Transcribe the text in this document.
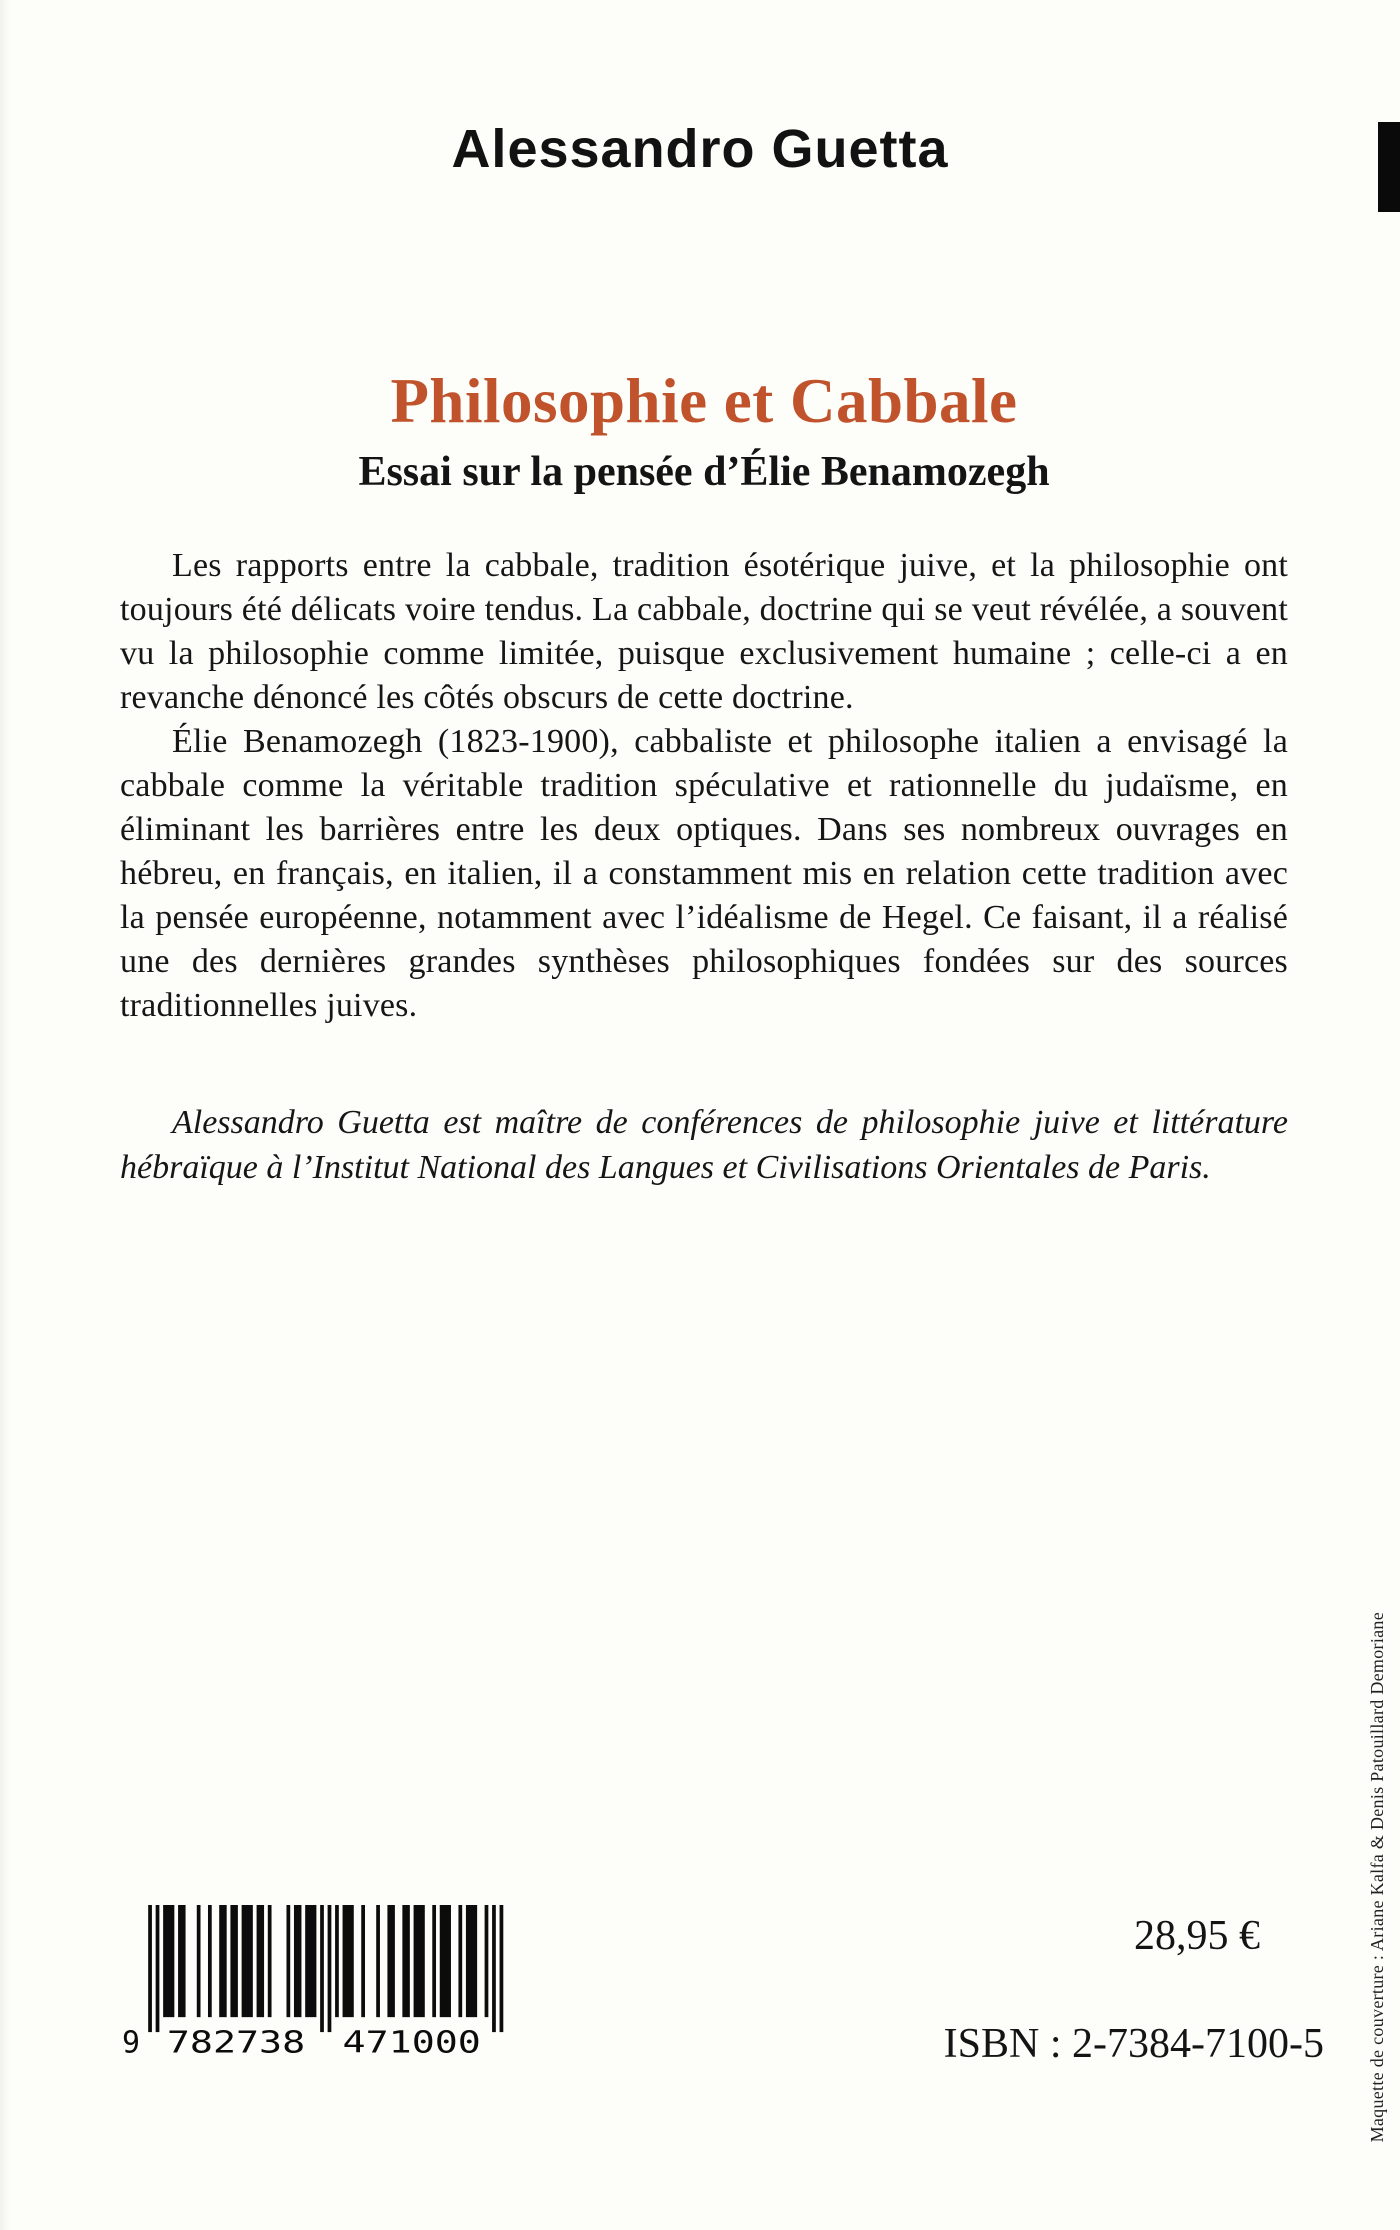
Alessandro Guetta
Philosophie et Cabbale
Essai sur la pensée d’Élie Benamozegh

Les rapports entre la cabbale, tradition ésotérique juive, et la philosophie ont toujours été délicats voire tendus. La cabbale, doctrine qui se veut révélée, a souvent vu la philosophie comme limitée, puisque exclusivement humaine ; celle-ci a en revanche dénoncé les côtés obscurs de cette doctrine.

Élie Benamozegh (1823-1900), cabbaliste et philosophe italien a envisagé la cabbale comme la véritable tradition spéculative et rationnelle du judaïsme, en éliminant les barrières entre les deux optiques. Dans ses nombreux ouvrages en hébreu, en français, en italien, il a constamment mis en relation cette tradition avec la pensée européenne, notamment avec l’idéalisme de Hegel. Ce faisant, il a réalisé une des dernières grandes synthèses philosophiques fondées sur des sources traditionnelles juives.

Alessandro Guetta est maître de conférences de philosophie juive et littérature hébraïque à l’Institut National des Langues et Civilisations Orientales de Paris.

9	782738	471000
28,95 €
ISBN : 2-7384-7100-5 Maquette de couverture : Ariane Kalfa & Denis Patouillard Demoriane
